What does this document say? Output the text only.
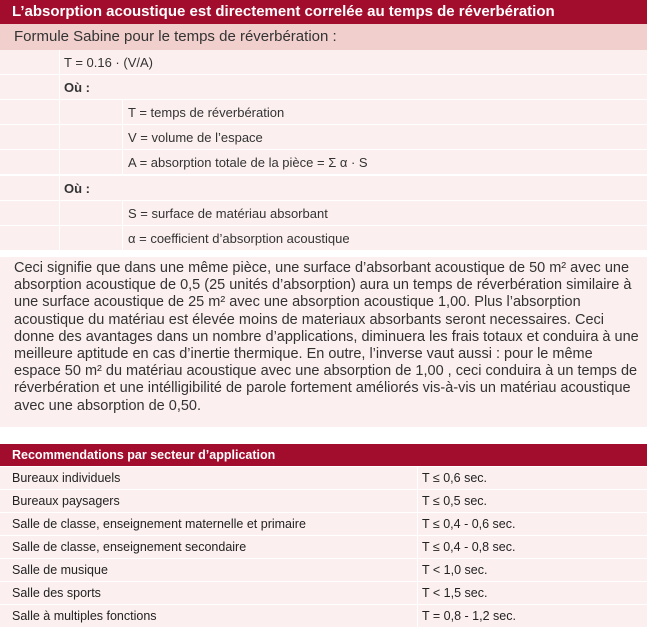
L’absorption acoustique est directement correlée au temps de réverbération
Formule Sabine pour le temps de réverbération :
T = 0.16 · (V/A)
Où :
T = temps de réverbération
V = volume de l’espace
A = absorption totale de la pièce = Σ α · S
Où :
S = surface de matériau absorbant
α = coefficient d’absorption acoustique
Ceci signifie que dans une même pièce, une surface d’absorbant acoustique de 50 m² avec une absorption acoustique de 0,5 (25 unités d’absorption) aura un temps de réverbération similaire à une surface acoustique de 25 m² avec une absorption acoustique 1,00. Plus l’absorption acoustique du matériau est élevée moins de materiaux absorbants seront necessaires. Ceci donne des avantages dans un nombre d’applications, diminuera les frais totaux et conduira à une meilleure aptitude en cas d’inertie thermique. En outre, l’inverse vaut aussi : pour le même espace 50 m² du matériau acoustique avec une absorption de 1,00 , ceci conduira à un temps de réverbération et une intélligibilité de parole fortement améliorés vis-à-vis un matériau acoustique avec une absorption de 0,50.
Recommendations par secteur d’application
Bureaux individuels	T ≤ 0,6 sec.
Bureaux paysagers	T ≤ 0,5 sec.
Salle de classe, enseignement maternelle et primaire	T ≤ 0,4 - 0,6 sec.
Salle de classe, enseignement secondaire	T ≤ 0,4 - 0,8 sec.
Salle de musique	T < 1,0 sec.
Salle des sports	T < 1,5 sec.
Salle à multiples fonctions	T = 0,8 - 1,2 sec.
